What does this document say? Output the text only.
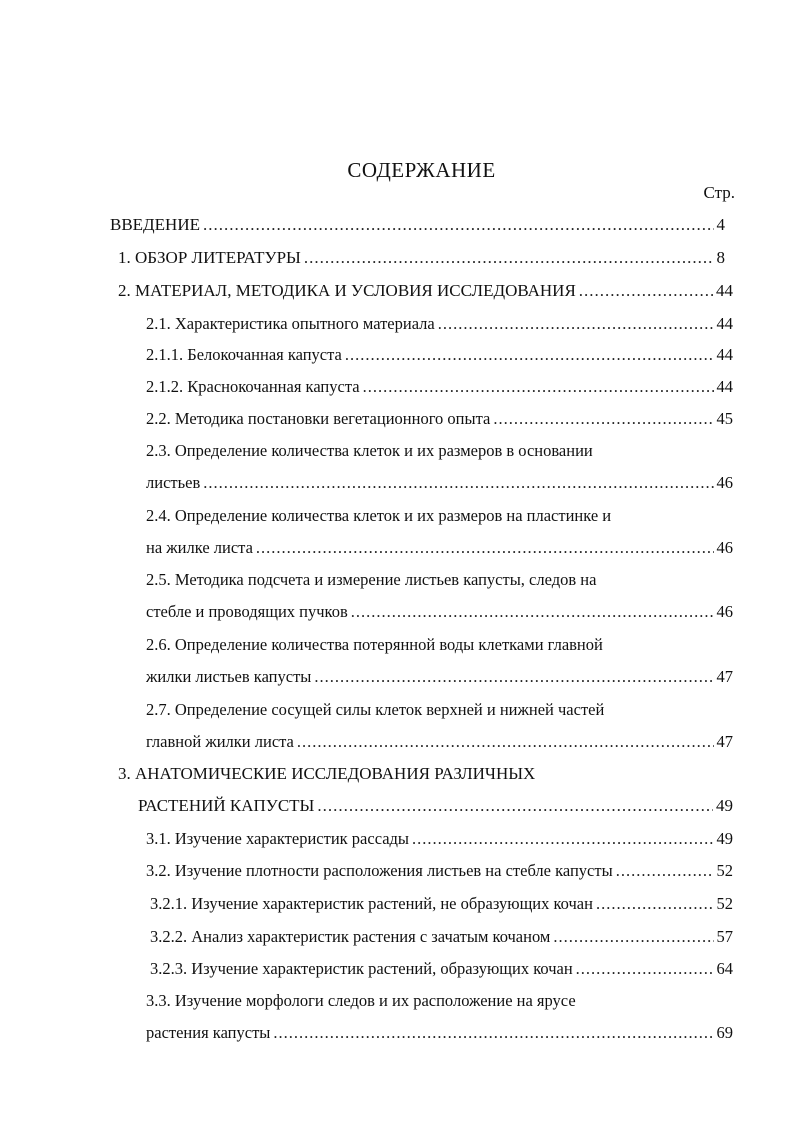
СОДЕРЖАНИЕ
Стр.
ВВЕДЕНИЕ .....	4
1. ОБЗОР ЛИТЕРАТУРЫ .....	8
2. МАТЕРИАЛ, МЕТОДИКА И УСЛОВИЯ ИССЛЕДОВАНИЯ .....	44
2.1. Характеристика опытного материала .....	44
2.1.1. Белокочанная капуста .....	44
2.1.2. Краснокочанная капуста .....	44
2.2. Методика постановки вегетационного опыта .....	45
2.3. Определение количества клеток и их размеров в основании
листьев .....	46
2.4. Определение количества клеток и их размеров на пластинке и
на жилке листа .....	46
2.5. Методика подсчета и измерение листьев капусты, следов на
стебле и проводящих пучков .....	46
2.6. Определение количества потерянной воды клетками главной
жилки листьев капусты .....	47
2.7. Определение сосущей силы клеток верхней и нижней частей
главной жилки листа .....	47
3. АНАТОМИЧЕСКИЕ ИССЛЕДОВАНИЯ РАЗЛИЧНЫХ
РАСТЕНИЙ КАПУСТЫ .....	49
3.1. Изучение характеристик рассады .....	49
3.2. Изучение плотности расположения листьев на стебле капусты .....	52
3.2.1. Изучение характеристик растений, не образующих кочан .....	52
3.2.2. Анализ характеристик растения с зачатым кочаном .....	57
3.2.3. Изучение характеристик растений, образующих кочан .....	64
3.3. Изучение морфологи следов и их расположение на ярусе
растения капусты .....	69
